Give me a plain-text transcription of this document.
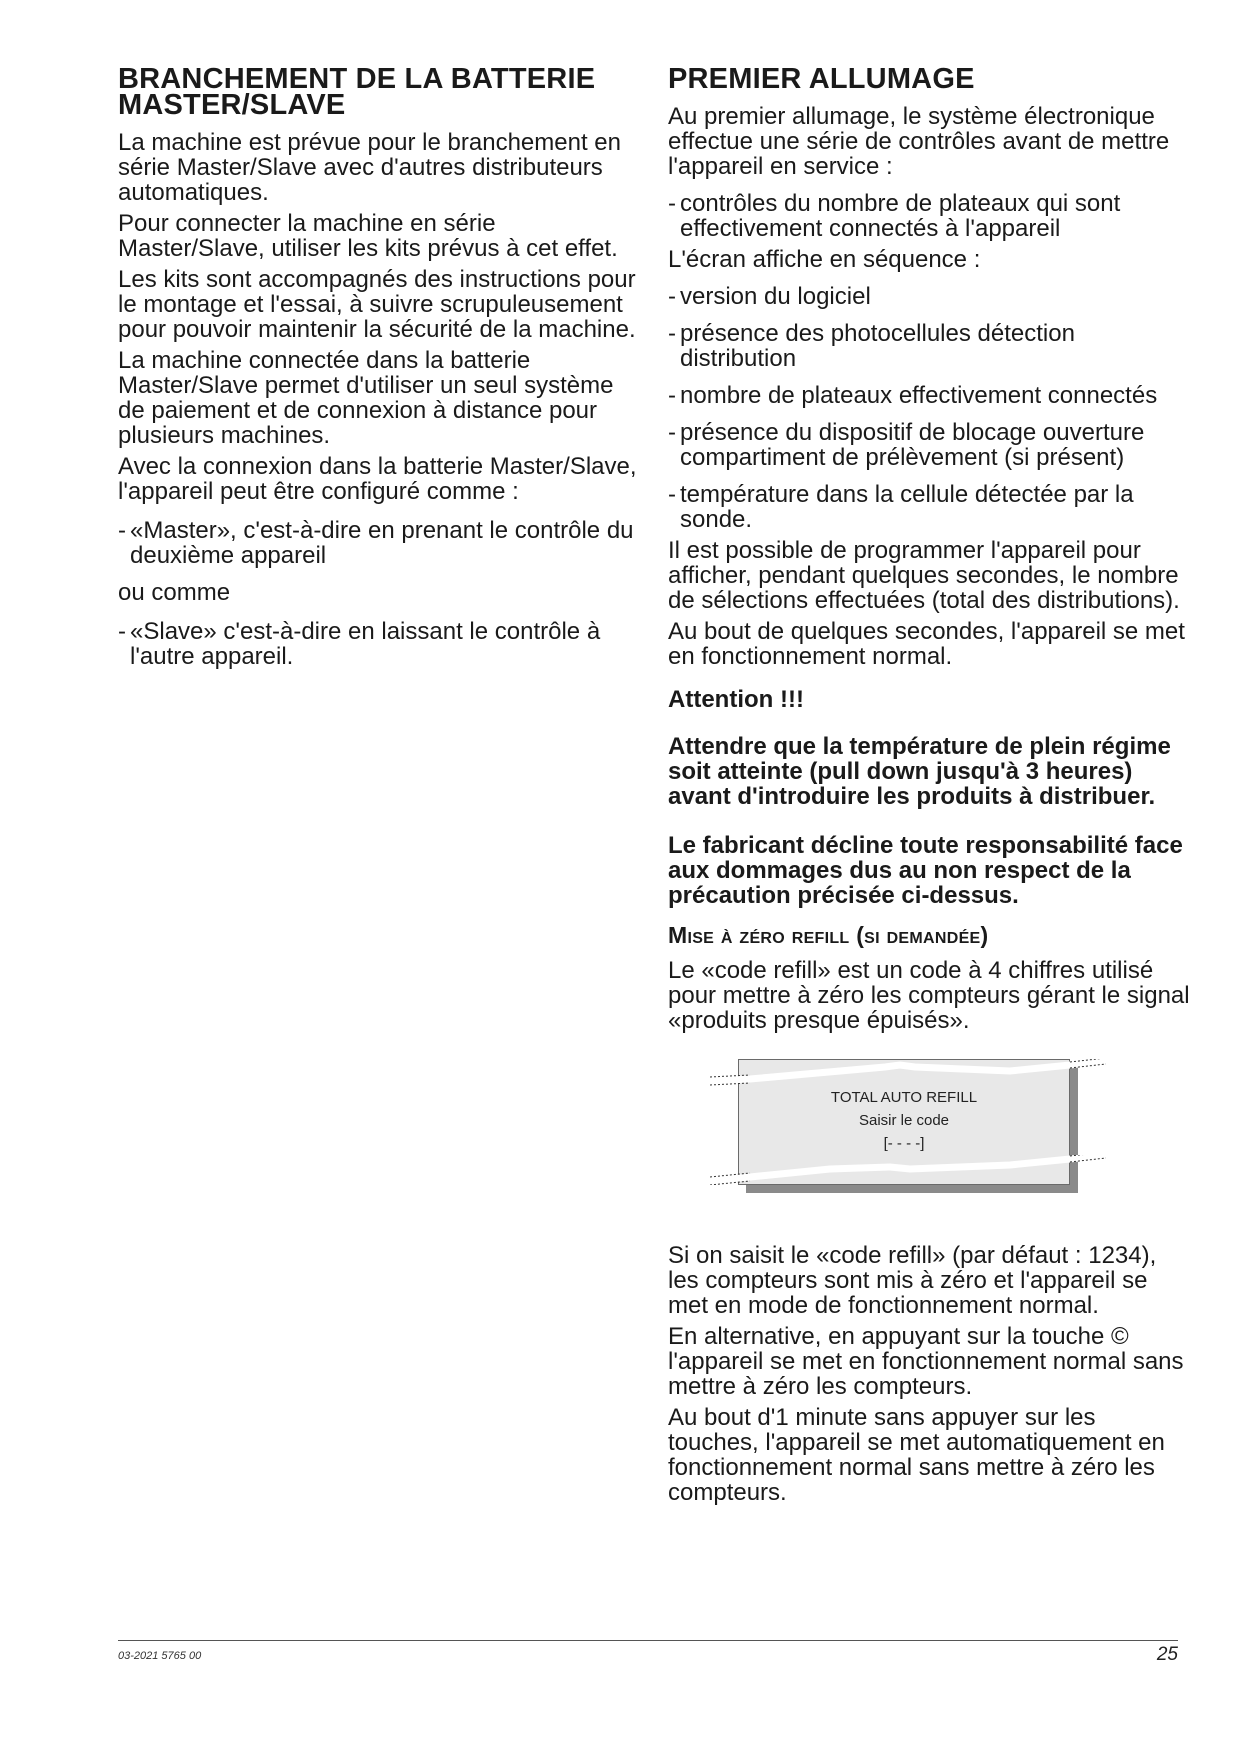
BRANCHEMENT DE LA BATTERIE MASTER/SLAVE

La machine est prévue pour le branchement en série Master/Slave avec d'autres distributeurs automatiques.

Pour connecter la machine en série Master/Slave, utiliser les kits prévus à cet effet.

Les kits sont accompagnés des instructions pour le montage et l'essai, à suivre scrupuleusement pour pouvoir maintenir la sécurité de la machine.

La machine connectée dans la batterie Master/Slave permet d'utiliser un seul système de paiement et de connexion à distance pour plusieurs machines.

Avec la connexion dans la batterie Master/Slave, l'appareil peut être configuré comme :

- «Master», c'est-à-dire en prenant le contrôle du deuxième appareil

ou comme

- «Slave» c'est-à-dire en laissant le contrôle à l'autre appareil.
PREMIER ALLUMAGE

Au premier allumage, le système électronique effectue une série de contrôles avant de mettre l'appareil en service :

- contrôles du nombre de plateaux qui sont effectivement connectés à l'appareil

L'écran affiche en séquence :

- version du logiciel
- présence des photocellules détection distribution
- nombre de plateaux effectivement connectés
- présence du dispositif de blocage ouverture compartiment de prélèvement (si présent)
- température dans la cellule détectée par la sonde.

Il est possible de programmer l'appareil pour afficher, pendant quelques secondes, le nombre de sélections effectuées (total des distributions).

Au bout de quelques secondes, l'appareil se met en fonctionnement normal.

Attention !!!

Attendre que la température de plein régime soit atteinte (pull down jusqu'à 3 heures) avant d'introduire les produits à distribuer.

Le fabricant décline toute responsabilité face aux dommages dus au non respect de la précaution précisée ci-dessus.

Mise à zéro refill (si demandée)

Le «code refill» est un code à 4 chiffres utilisé pour mettre à zéro les compteurs gérant le signal «produits presque épuisés».

TOTAL AUTO REFILL
Saisir le code
[- - - -]

Si on saisit le «code refill» (par défaut : 1234), les compteurs sont mis à zéro et l'appareil se met en mode de fonctionnement normal.

En alternative, en appuyant sur la touche © l'appareil se met en fonctionnement normal sans mettre à zéro les compteurs.

Au bout d'1 minute sans appuyer sur les touches, l'appareil se met automatiquement en fonctionnement normal sans mettre à zéro les compteurs.

03-2021 5765 00	25
